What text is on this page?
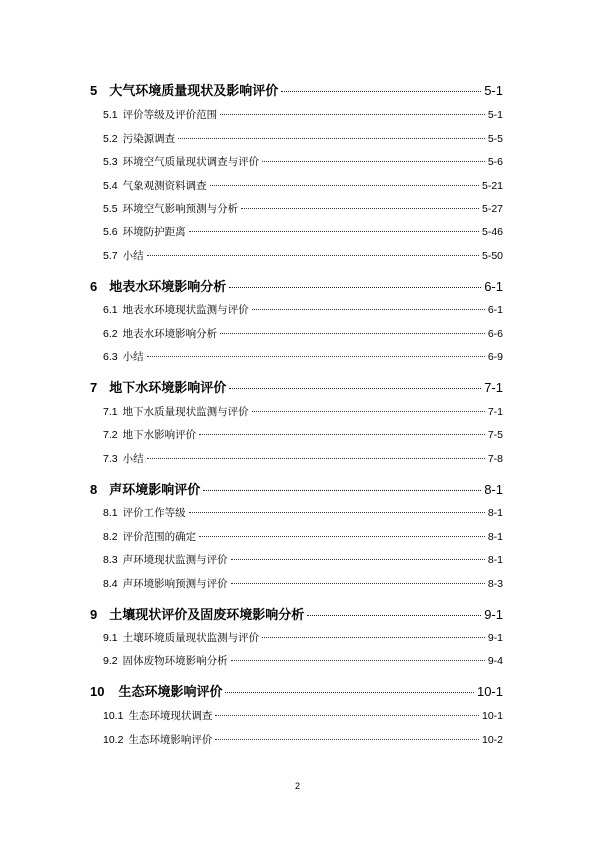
5 大气环境质量现状及影响评价	5-1
5.1 评价等级及评价范围	5-1
5.2 污染源调查	5-5
5.3 环境空气质量现状调查与评价	5-6
5.4 气象观测资料调查	5-21
5.5 环境空气影响预测与分析	5-27
5.6 环境防护距离	5-46
5.7 小结	5-50
6 地表水环境影响分析	6-1
6.1 地表水环境现状监测与评价	6-1
6.2 地表水环境影响分析	6-6
6.3 小结	6-9
7 地下水环境影响评价	7-1
7.1 地下水质量现状监测与评价	7-1
7.2 地下水影响评价	7-5
7.3 小结	7-8
8 声环境影响评价	8-1
8.1 评价工作等级	8-1
8.2 评价范围的确定	8-1
8.3 声环境现状监测与评价	8-1
8.4 声环境影响预测与评价	8-3
9 土壤现状评价及固废环境影响分析	9-1
9.1 土壤环境质量现状监测与评价	9-1
9.2 固体废物环境影响分析	9-4
10 生态环境影响评价	10-1
10.1 生态环境现状调查	10-1
10.2 生态环境影响评价	10-2
2
